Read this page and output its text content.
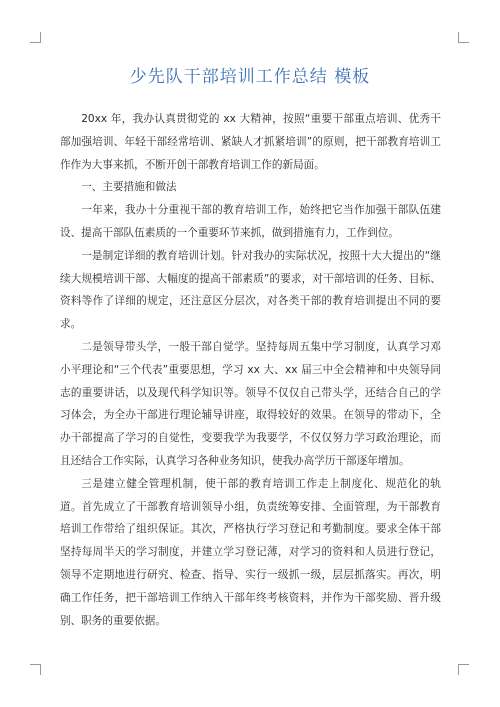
少先队干部培训工作总结 模板

20xx 年，我办认真贯彻党的 xx 大精神，按照“重要干部重点培训、优秀干部加强培训、年轻干部经常培训、紧缺人才抓紧培训”的原则，把干部教育培训工作作为大事来抓，不断开创干部教育培训工作的新局面。

一、主要措施和做法

一年来，我办十分重视干部的教育培训工作，始终把它当作加强干部队伍建设、提高干部队伍素质的一个重要环节来抓，做到措施有力，工作到位。

一是制定详细的教育培训计划。针对我办的实际状况，按照十大大提出的“继续大规模培训干部、大幅度的提高干部素质”的要求，对干部培训的任务、目标、资料等作了详细的规定，还注意区分层次，对各类干部的教育培训提出不同的要求。

二是领导带头学，一般干部自觉学。坚持每周五集中学习制度，认真学习邓小平理论和“三个代表”重要思想，学习 xx 大、xx 届三中全会精神和中央领导同志的重要讲话，以及现代科学知识等。领导不仅仅自己带头学，还结合自己的学习体会，为全办干部进行理论辅导讲座，取得较好的效果。在领导的带动下，全办干部提高了学习的自觉性，变要我学为我要学，不仅仅努力学习政治理论，而且还结合工作实际，认真学习各种业务知识，使我办高学历干部逐年增加。

三是建立健全管理机制，使干部的教育培训工作走上制度化、规范化的轨道。首先成立了干部教育培训领导小组，负责统筹安排、全面管理，为干部教育培训工作带给了组织保证。其次，严格执行学习登记和考勤制度。要求全体干部坚持每周半天的学习制度，并建立学习登记薄，对学习的资料和人员进行登记，领导不定期地进行研究、检查、指导、实行一级抓一级，层层抓落实。再次，明确工作任务，把干部培训工作纳入干部年终考核资料，并作为干部奖励、晋升级别、职务的重要依据。
